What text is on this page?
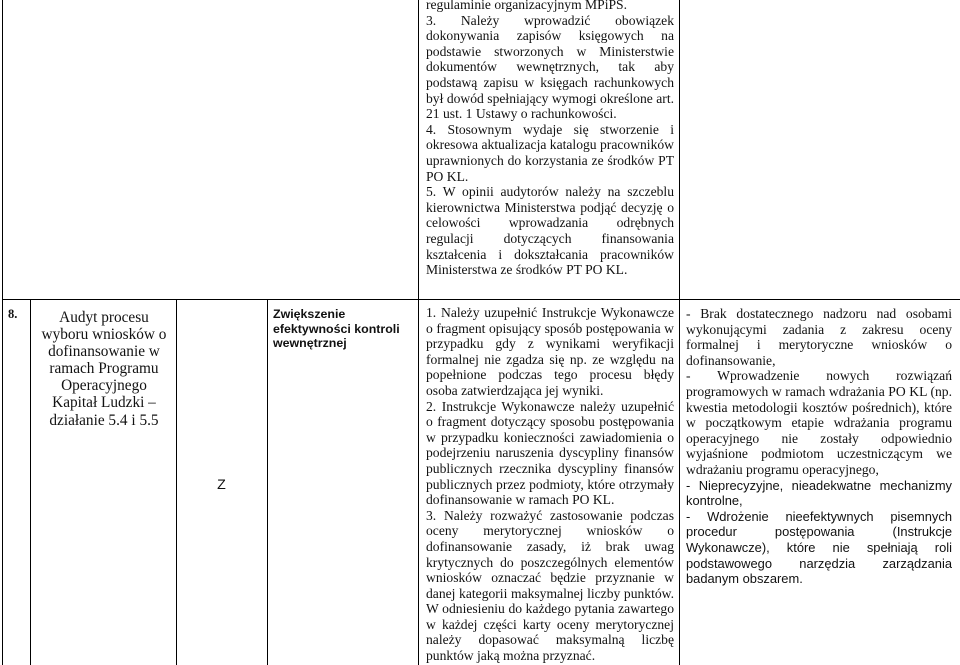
regulaminie organizacyjnym MPiPS.

3. Należy wprowadzić obowiązek dokonywania zapisów księgowych na podstawie stworzonych w Ministerstwie dokumentów wewnętrznych, tak aby podstawą zapisu w księgach rachunkowych był dowód spełniający wymogi określone art. 21 ust. 1 Ustawy o rachunkowości.

4. Stosownym wydaje się stworzenie i okresowa aktualizacja katalogu pracowników uprawnionych do korzystania ze środków PT PO KL.

5. W opinii audytorów należy na szczeblu kierownictwa Ministerstwa podjąć decyzję o celowości wprowadzania odrębnych regulacji dotyczących finansowania kształcenia i dokształcania pracowników Ministerstwa ze środków PT PO KL.

8.	Audyt procesu wyboru wniosków o dofinansowanie w ramach Programu Operacyjnego Kapitał Ludzki – działanie 5.4 i 5.5
Zwiększenie efektywności kontroli wewnętrznej
Z

1. Należy uzupełnić Instrukcje Wykonawcze o fragment opisujący sposób postępowania w przypadku gdy z wynikami weryfikacji formalnej nie zgadza się np. ze względu na popełnione podczas tego procesu błędy osoba zatwierdzająca jej wyniki.

2. Instrukcje Wykonawcze należy uzupełnić o fragment dotyczący sposobu postępowania w przypadku konieczności zawiadomienia o podejrzeniu naruszenia dyscypliny finansów publicznych rzecznika dyscypliny finansów publicznych przez podmioty, które otrzymały dofinansowanie w ramach PO KL.

3. Należy rozważyć zastosowanie podczas oceny merytorycznej wniosków o dofinansowanie zasady, iż brak uwag krytycznych do poszczególnych elementów wniosków oznaczać będzie przyznanie w danej kategorii maksymalnej liczby punktów. W odniesieniu do każdego pytania zawartego w każdej części karty oceny merytorycznej należy dopasować maksymalną liczbę punktów jaką można przyznać.

- Brak dostatecznego nadzoru nad osobami wykonującymi zadania z zakresu oceny formalnej i merytoryczne wniosków o dofinansowanie,

- Wprowadzenie nowych rozwiązań programowych w ramach wdrażania PO KL (np. kwestia metodologii kosztów pośrednich), które w początkowym etapie wdrażania programu operacyjnego nie zostały odpowiednio wyjaśnione podmiotom uczestniczącym we wdrażaniu programu operacyjnego,

- Nieprecyzyjne, nieadekwatne mechanizmy kontrolne,

- Wdrożenie nieefektywnych pisemnych procedur postępowania (Instrukcje Wykonawcze), które nie spełniają roli podstawowego narzędzia zarządzania badanym obszarem.
